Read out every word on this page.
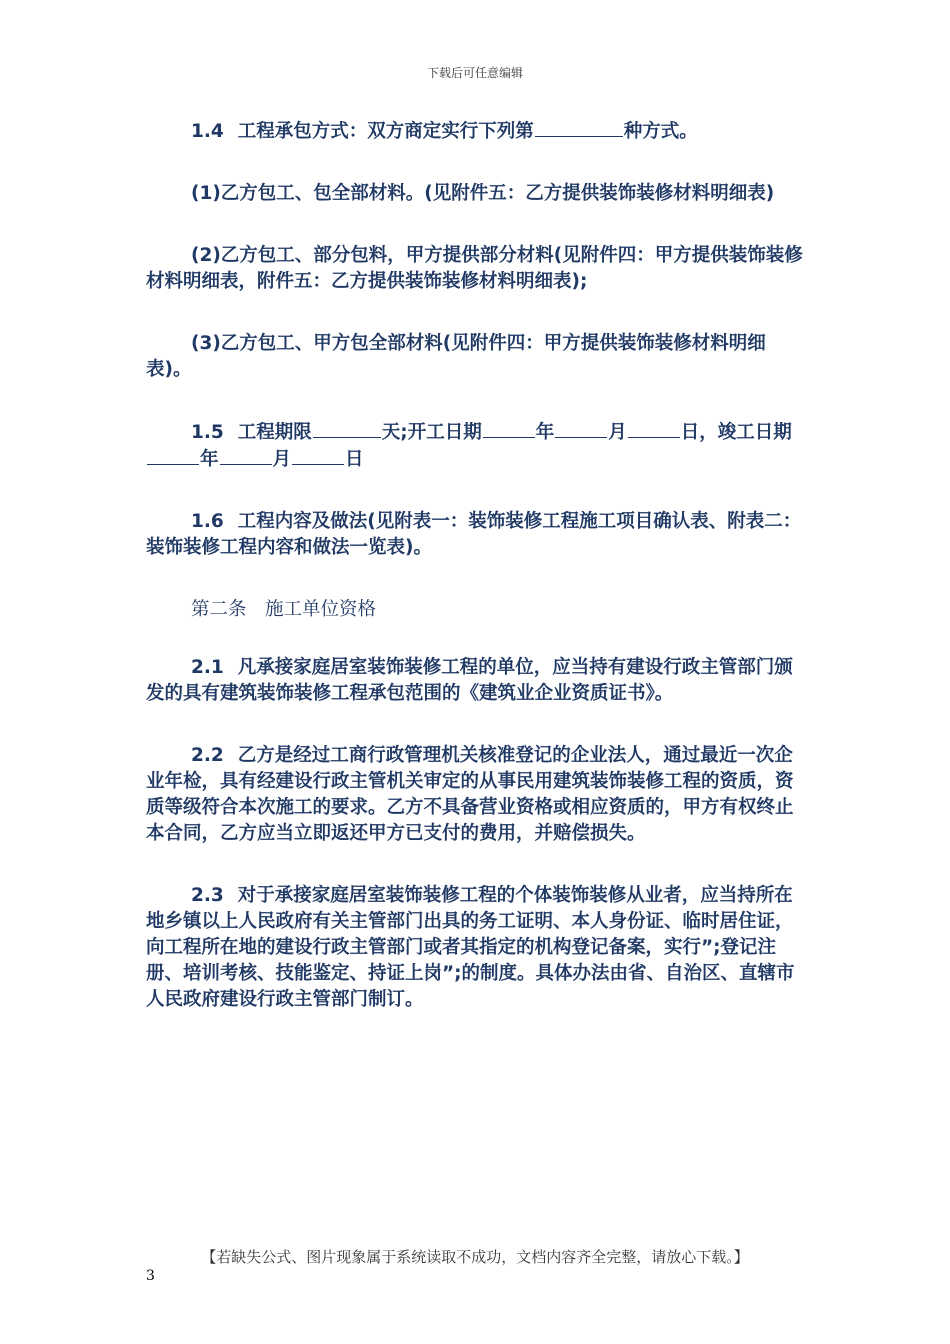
下载后可任意编辑

1.4 工程承包方式：双方商定实行下列第	种方式。

(1)乙方包工、包全部材料。(见附件五：乙方提供装饰装修材料明细表)

(2)乙方包工、部分包料，甲方提供部分材料(见附件四：甲方提供装饰装修材料明细表，附件五：乙方提供装饰装修材料明细表);

(3)乙方包工、甲方包全部材料(见附件四：甲方提供装饰装修材料明细表)。

1.5 工程期限	天;开工日期	年	月	日，竣工日期年	月	日

1.6 工程内容及做法(见附表一：装饰装修工程施工项目确认表、附表二：装饰装修工程内容和做法一览表)。

第二条　施工单位资格

2.1 凡承接家庭居室装饰装修工程的单位，应当持有建设行政主管部门颁发的具有建筑装饰装修工程承包范围的《建筑业企业资质证书》。

2.2 乙方是经过工商行政管理机关核准登记的企业法人，通过最近一次企业年检，具有经建设行政主管机关审定的从事民用建筑装饰装修工程的资质，资质等级符合本次施工的要求。乙方不具备营业资格或相应资质的，甲方有权终止本合同，乙方应当立即返还甲方已支付的费用，并赔偿损失。

2.3 对于承接家庭居室装饰装修工程的个体装饰装修从业者，应当持所在地乡镇以上人民政府有关主管部门出具的务工证明、本人身份证、临时居住证，向工程所在地的建设行政主管部门或者其指定的机构登记备案，实行”;登记注册、培训考核、技能鉴定、持证上岗”;的制度。具体办法由省、自治区、直辖市人民政府建设行政主管部门制订。

【若缺失公式、图片现象属于系统读取不成功，文档内容齐全完整，请放心下载。】
3
